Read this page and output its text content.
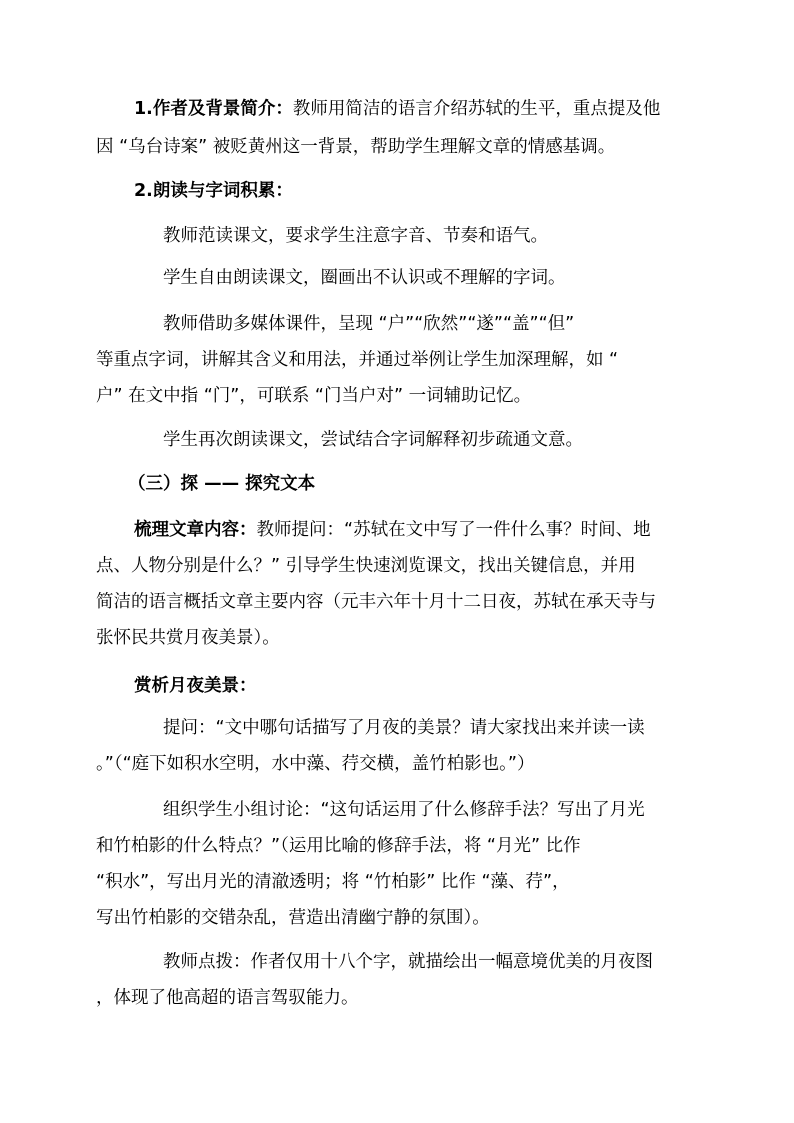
1.作者及背景简介：教师用简洁的语言介绍苏轼的生平，重点提及他
因 “乌台诗案” 被贬黄州这一背景，帮助学生理解文章的情感基调。
2.朗读与字词积累：
教师范读课文，要求学生注意字音、节奏和语气。
学生自由朗读课文，圈画出不认识或不理解的字词。
教师借助多媒体课件，呈现 “户”“欣然”“遂”“盖”“但”
等重点字词，讲解其含义和用法，并通过举例让学生加深理解，如 “
户” 在文中指 “门”，可联系 “门当户对” 一词辅助记忆。
学生再次朗读课文，尝试结合字词解释初步疏通文意。
（三）探 —— 探究文本
梳理文章内容：教师提问：“苏轼在文中写了一件什么事？时间、地
点、人物分别是什么？” 引导学生快速浏览课文，找出关键信息，并用
简洁的语言概括文章主要内容（元丰六年十月十二日夜，苏轼在承天寺与
张怀民共赏月夜美景）。
赏析月夜美景：
提问：“文中哪句话描写了月夜的美景？请大家找出来并读一读
。”（“庭下如积水空明，水中藻、荇交横，盖竹柏影也。”）
组织学生小组讨论：“这句话运用了什么修辞手法？写出了月光
和竹柏影的什么特点？”（运用比喻的修辞手法，将 “月光” 比作
“积水”，写出月光的清澈透明；将 “竹柏影” 比作 “藻、荇”，
写出竹柏影的交错杂乱，营造出清幽宁静的氛围）。
教师点拨：作者仅用十八个字，就描绘出一幅意境优美的月夜图
，体现了他高超的语言驾驭能力。
